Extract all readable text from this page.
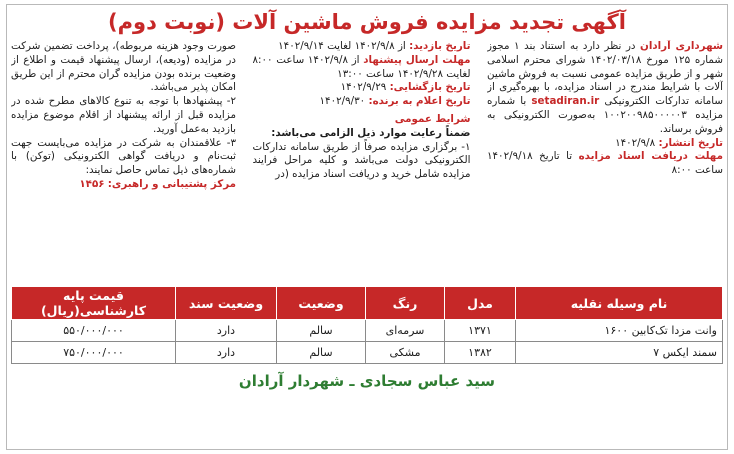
آگهی تجدید مزایده فروش ماشین آلات (نوبت دوم)

شهرداری آرادان در نظر دارد به استناد بند ۱ مجوز شماره ۱۲۵ مورخ ۱۴۰۲/۰۳/۱۸ شورای محترم اسلامی شهر و از طریق مزایده عمومی نسبت به فروش ماشین آلات با شرایط مندرج در اسناد مزایده، با بهره‌گیری از سامانه تدارکات الکترونیکی setadiran.ir با شماره مزایده ۱۰۰۲۰۰۹۸۵۰۰۰۰۰۳ به‌صورت الکترونیکی به فروش برساند.

تاریخ انتشار: ۱۴۰۲/۹/۸

مهلت دریافت اسناد مزایده تا تاریخ ۱۴۰۲/۹/۱۸ ساعت ۸:۰۰

تاریخ بازدید: از ۱۴۰۲/۹/۸ لغایت ۱۴۰۲/۹/۱۴

مهلت ارسال پیشنهاد از ۱۴۰۲/۹/۸ ساعت ۸:۰۰ لغایت ۱۴۰۲/۹/۲۸ ساعت ۱۳:۰۰

تاریخ بازگشایی: ۱۴۰۲/۹/۲۹

تاریخ اعلام به برنده: ۱۴۰۲/۹/۳۰

شرایط عمومی

ضمناً رعایت موارد ذیل الزامی می‌باشد:

۱- برگزاری مزایده صرفاً از طریق سامانه تدارکات الکترونیکی دولت می‌باشد و کلیه مراحل فرایند مزایده شامل خرید و دریافت اسناد مزایده (در

صورت وجود هزینه مربوطه)، پرداخت تضمین شرکت در مزایده (ودیعه)، ارسال پیشنهاد قیمت و اطلاع از وضعیت برنده بودن مزایده گران محترم از این طریق امکان پذیر می‌باشد.

۲- پیشنهادها با توجه به تنوع کالاهای مطرح شده در مزایده قبل از ارائه پیشنهاد از اقلام موضوع مزایده بازدید به‌عمل آورید.

۳- علاقمندان به شرکت در مزایده می‌بایست جهت ثبت‌نام و دریافت گواهی الکترونیکی (توکن) با شماره‌های ذیل تماس حاصل نمایند:

مرکز پشتیبانی و راهبری: ۱۴۵۶

نام وسیله نقلیه	مدل	رنگ	وضعیت	وضعیت سند	قیمت پایه کارشناسی(ریال)
وانت مزدا تک‌کابین ۱۶۰۰	۱۳۷۱	سرمه‌ای	سالم	دارد	۵۵۰/۰۰۰/۰۰۰
سمند ایکس ۷	۱۳۸۲	مشکی	سالم	دارد	۷۵۰/۰۰۰/۰۰۰
سید عباس سجادی ـ شهردار آرادان
